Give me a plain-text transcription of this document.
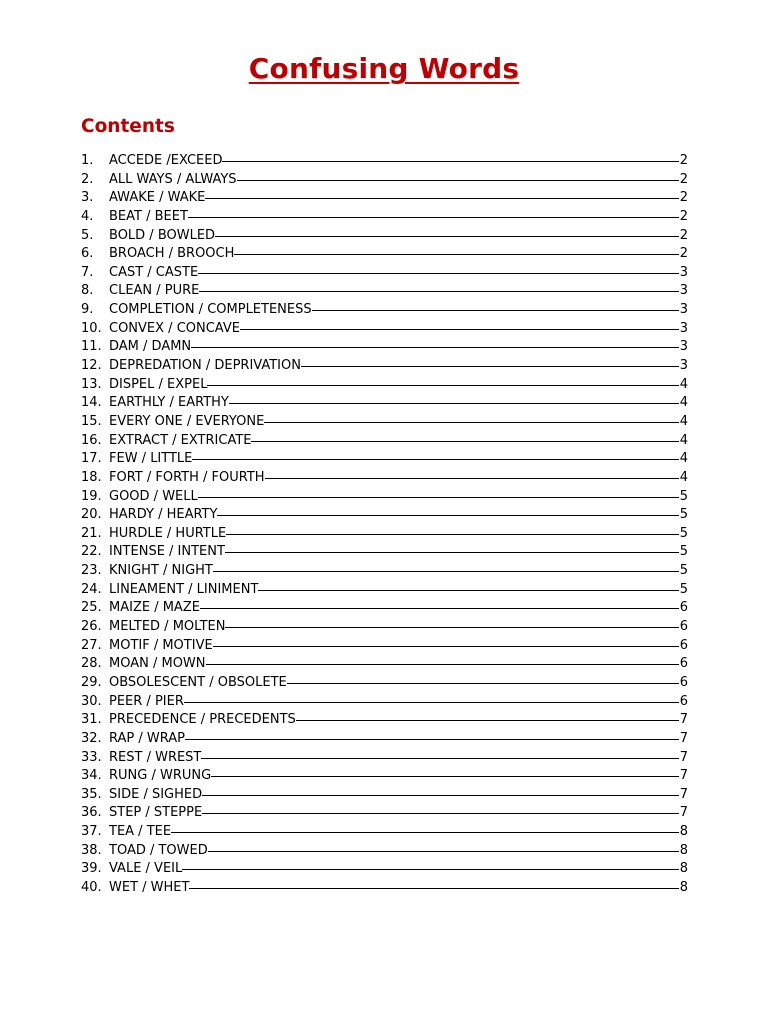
Confusing Words
Contents
1.	ACCEDE /EXCEED	2
2.	ALL WAYS / ALWAYS	2
3.	AWAKE / WAKE	2
4.	BEAT / BEET	2
5.	BOLD / BOWLED	2
6.	BROACH / BROOCH	2
7.	CAST / CASTE	3
8.	CLEAN / PURE	3
9.	COMPLETION / COMPLETENESS	3
10. CONVEX / CONCAVE	3
11. DAM / DAMN	3
12. DEPREDATION / DEPRIVATION	3
13. DISPEL / EXPEL	4
14. EARTHLY / EARTHY	4
15. EVERY ONE / EVERYONE	4
16. EXTRACT / EXTRICATE	4
17. FEW / LITTLE	4
18. FORT / FORTH / FOURTH	4
19. GOOD / WELL	5
20. HARDY / HEARTY	5
21. HURDLE / HURTLE	5
22. INTENSE / INTENT	5
23. KNIGHT / NIGHT	5
24. LINEAMENT / LINIMENT	5
25. MAIZE / MAZE	6
26. MELTED / MOLTEN	6
27. MOTIF / MOTIVE	6
28. MOAN / MOWN	6
29. OBSOLESCENT / OBSOLETE	6
30. PEER / PIER	6
31. PRECEDENCE / PRECEDENTS	7
32. RAP / WRAP	7
33. REST / WREST	7
34. RUNG / WRUNG	7
35. SIDE / SIGHED	7
36. STEP / STEPPE	7
37. TEA / TEE	8
38. TOAD / TOWED	8
39. VALE / VEIL	8
40. WET / WHET	8
